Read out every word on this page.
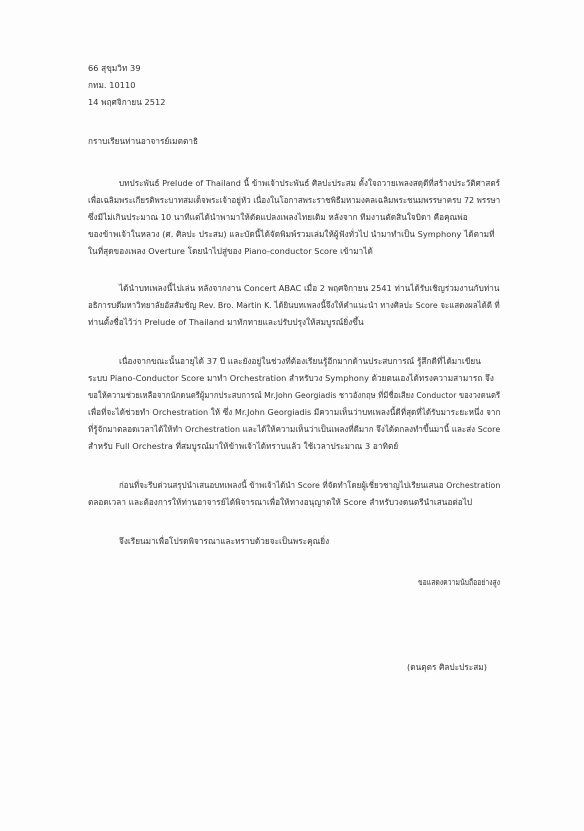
66 สุขุมวิท 39
กทม. 10110
14 พฤศจิกายน 2512
กราบเรียนท่านอาจารย์เมตตาธิ
บทประพันธ์ Prelude of Thailand นี้ ข้าพเจ้าประพันธ์ ศิลปะประสม ตั้งใจถวายเพลงสดุดีที่สร้างประวัติศาสตร์
เพื่อเฉลิมพระเกียรติพระบาทสมเด็จพระเจ้าอยู่หัว เนื่องในโอกาสพระราชพิธีมหามงคลเฉลิมพระชนมพรรษาครบ 72 พรรษา
ซึ่งมีไม่เกินประมาณ 10 นาทีแต่ได้นำพามาให้ดัดแปลงเพลงไทยเดิม หลังจาก ทีมงานตัดสินใจบิดา คือคุณพ่อ
ของข้าพเจ้าในหลวง (ศ. ศิลปะ ประสม) และบัดนี้ได้จัดพิมพ์รวมเล่มให้ผู้ฟังทั่วไป นำมาทำเป็น Symphony ได้ตามที่
ในที่สุดของเพลง Overture โดยนำไปสู่ของ Piano-conductor Score เข้ามาได้
ได้นำบทเพลงนี้ไปเล่น หลังจากงาน Concert ABAC เมื่อ 2 พฤศจิกายน 2541 ท่านได้รับเชิญร่วมงานกับท่าน
อธิการบดีมหาวิทยาลัยอัสสัมชัญ Rev. Bro. Martin K. ได้ยินบทเพลงนี้จึงให้คำแนะนำ ทางศิลปะ Score จะแสดงผลได้ดี ที่
ท่านตั้งชื่อไว้ว่า Prelude of Thailand มาทักทายและปรับปรุงให้สมบูรณ์ยิ่งขึ้น
เนื่องจากขณะนั้นอายุได้ 37 ปี และยังอยู่ในช่วงที่ต้องเรียนรู้อีกมากด้านประสบการณ์ รู้สึกดีที่ได้มาเขียน
ระบบ Piano-Conductor Score มาทำ Orchestration สำหรับวง Symphony ด้วยตนเองได้ทรงความสามารถ จึง
ขอให้ความช่วยเหลือจากนักดนตรีผู้มากประสบการณ์ Mr.John Georgiadis ชาวอังกฤษ ที่มีชื่อเสียง Conductor ของวงดนตรี
เพื่อที่จะได้ช่วยทำ Orchestration ให้ ซึ่ง Mr.John Georgiadis มีความเห็นว่าบทเพลงนี้ดีที่สุดที่ได้รับมาระยะหนึ่ง จาก
ที่รู้จักมาตลอดเวลาได้ให้ทำ Orchestration และได้ให้ความเห็นว่าเป็นเพลงที่ดีมาก จึงได้ตกลงทำขึ้นมานี้ และส่ง Score
สำหรับ Full Orchestra ที่สมบูรณ์มาให้ข้าพเจ้าได้ทราบแล้ว ใช้เวลาประมาณ 3 อาทิตย์
ก่อนที่จะรีบด่วนสรุปนำเสนอบทเพลงนี้ ข้าพเจ้าได้นำ Score ที่จัดทำโดยผู้เชี่ยวชาญไปเรียนเสนอ Orchestration
ตลอดเวลา และต้องการให้ท่านอาจารย์ได้พิจารณาเพื่อให้ทางอนุญาตให้ Score สำหรับวงดนตรีนำเสนอต่อไป
จึงเรียนมาเพื่อโปรดพิจารณาและทราบด้วยจะเป็นพระคุณยิ่ง
ขอแสดงความนับถืออย่างสูง
(ดนตุตร ศิลปะประสม)
